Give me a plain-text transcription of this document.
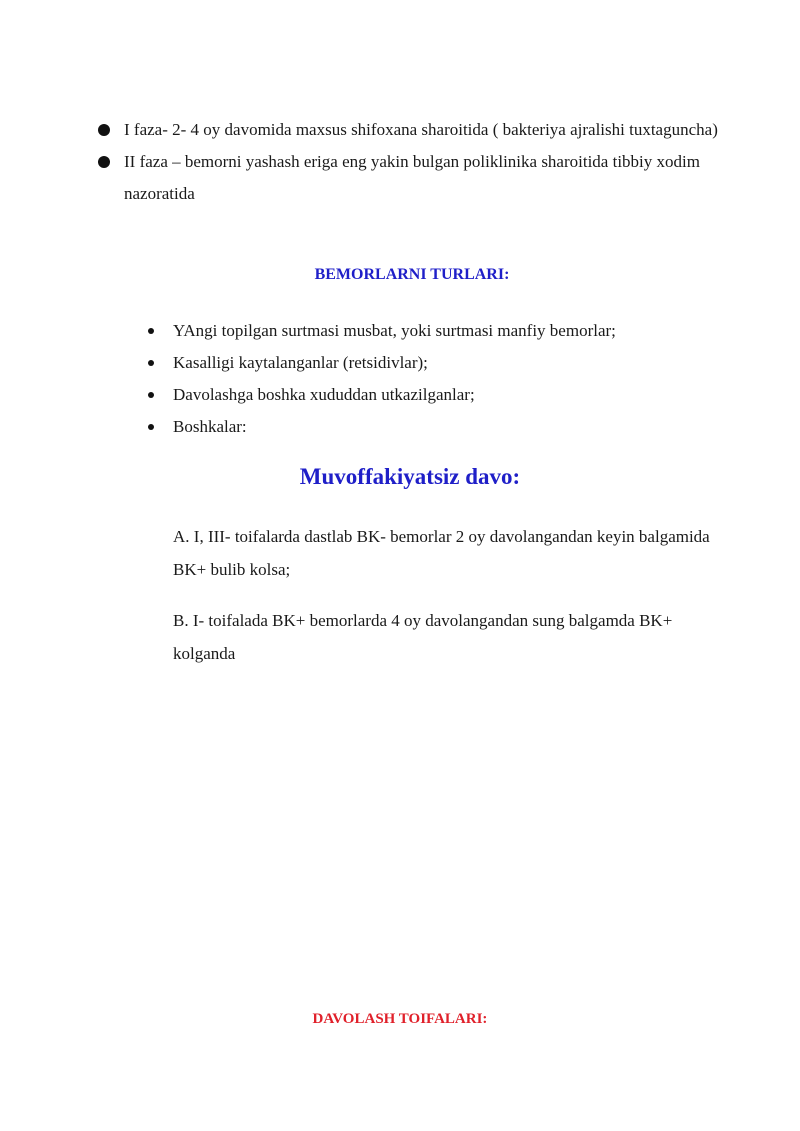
I faza- 2- 4 oy davomida maxsus shifoxana sharoitida ( bakteriya ajralishi tuxtaguncha)
II faza – bemorni yashash eriga eng yakin bulgan poliklinika sharoitida tibbiy xodim nazoratida
BEMORLARNI TURLARI:
YAngi topilgan surtmasi musbat, yoki surtmasi manfiy bemorlar;
Kasalligi kaytalanganlar (retsidivlar);
Davolashga boshka xududdan utkazilganlar;
Boshkalar:
Muvoffakiyatsiz davo:

A. I, III- toifalarda dastlab BK- bemorlar 2 oy davolangandan keyin balgamida BK+ bulib kolsa;

B. I- toifalada BK+ bemorlarda 4 oy davolangandan sung balgamda BK+ kolganda

DAVOLASH TOIFALARI:
